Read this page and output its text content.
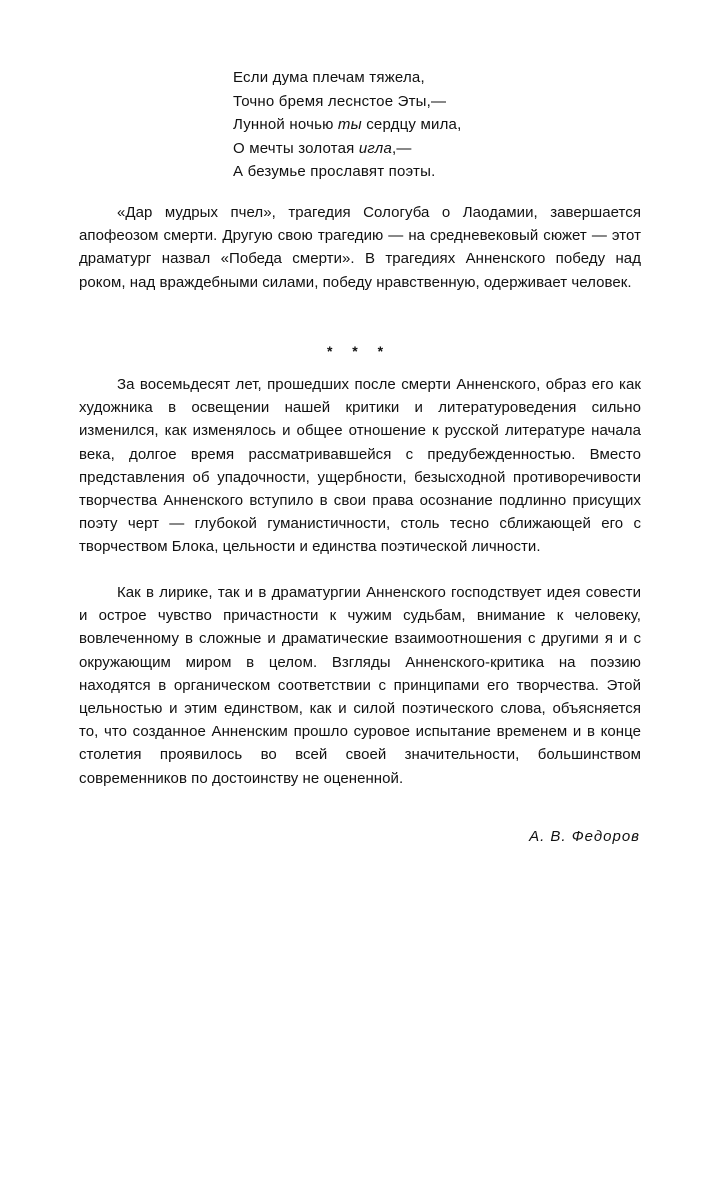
Если дума плечам тяжела,
Точно бремя леснстое Эты,—
Лунной ночью ты сердцу мила,
О мечты золотая игла,—
А безумье прославят поэты.

«Дар мудрых пчел», трагедия Сологуба о Лаодамии, завершается апофеозом смерти. Другую свою трагедию — на средневековый сюжет — этот драматург назвал «Победа смерти». В трагедиях Анненского победу над роком, над враждебными силами, победу нравственную, одерживает человек.

* * *

За восемьдесят лет, прошедших после смерти Анненского, образ его как художника в освещении нашей критики и литературоведения сильно изменился, как изменялось и общее отношение к русской литературе начала века, долгое время рассматривавшейся с предубежденностью. Вместо представления об упадочности, ущербности, безысходной противоречивости творчества Анненского вступило в свои права осознание подлинно присущих поэту черт — глубокой гуманистичности, столь тесно сближающей его с творчеством Блока, цельности и единства поэтической личности.

Как в лирике, так и в драматургии Анненского господствует идея совести и острое чувство причастности к чужим судьбам, внимание к человеку, вовлеченному в сложные и драматические взаимоотношения с другими я и с окружающим миром в целом. Взгляды Анненского-критика на поэзию находятся в органическом соответствии с принципами его творчества. Этой цельностью и этим единством, как и силой поэтического слова, объясняется то, что созданное Анненским прошло суровое испытание временем и в конце столетия проявилось во всей своей значительности, большинством современников по достоинству не оцененной.

А. В. Федоров
